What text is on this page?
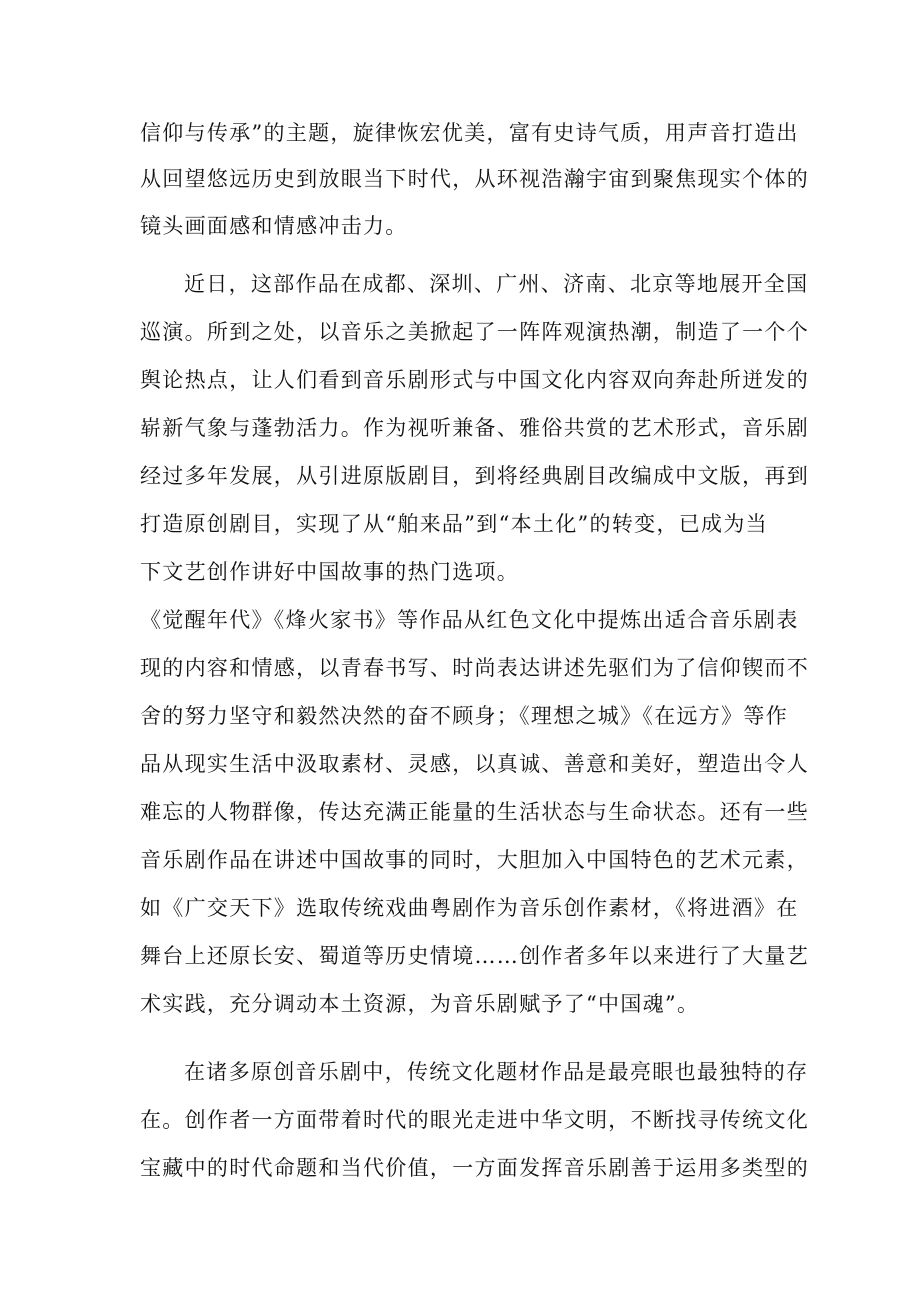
信仰与传承”的主题，旋律恢宏优美，富有史诗气质，用声音打造出
从回望悠远历史到放眼当下时代，从环视浩瀚宇宙到聚焦现实个体的
镜头画面感和情感冲击力。
近日，这部作品在成都、深圳、广州、济南、北京等地展开全国
巡演。所到之处，以音乐之美掀起了一阵阵观演热潮，制造了一个个
舆论热点，让人们看到音乐剧形式与中国文化内容双向奔赴所迸发的
崭新气象与蓬勃活力。作为视听兼备、雅俗共赏的艺术形式，音乐剧
经过多年发展，从引进原版剧目，到将经典剧目改编成中文版，再到
打造原创剧目，实现了从“舶来品”到“本土化”的转变，已成为当
下文艺创作讲好中国故事的热门选项。
《觉醒年代》《烽火家书》等作品从红色文化中提炼出适合音乐剧表
现的内容和情感，以青春书写、时尚表达讲述先驱们为了信仰锲而不
舍的努力坚守和毅然决然的奋不顾身；《理想之城》《在远方》等作
品从现实生活中汲取素材、灵感，以真诚、善意和美好，塑造出令人
难忘的人物群像，传达充满正能量的生活状态与生命状态。还有一些
音乐剧作品在讲述中国故事的同时，大胆加入中国特色的艺术元素，
如《广交天下》选取传统戏曲粤剧作为音乐创作素材，《将进酒》在
舞台上还原长安、蜀道等历史情境……创作者多年以来进行了大量艺
术实践，充分调动本土资源，为音乐剧赋予了“中国魂”。
在诸多原创音乐剧中，传统文化题材作品是最亮眼也最独特的存
在。创作者一方面带着时代的眼光走进中华文明，不断找寻传统文化
宝藏中的时代命题和当代价值，一方面发挥音乐剧善于运用多类型的
